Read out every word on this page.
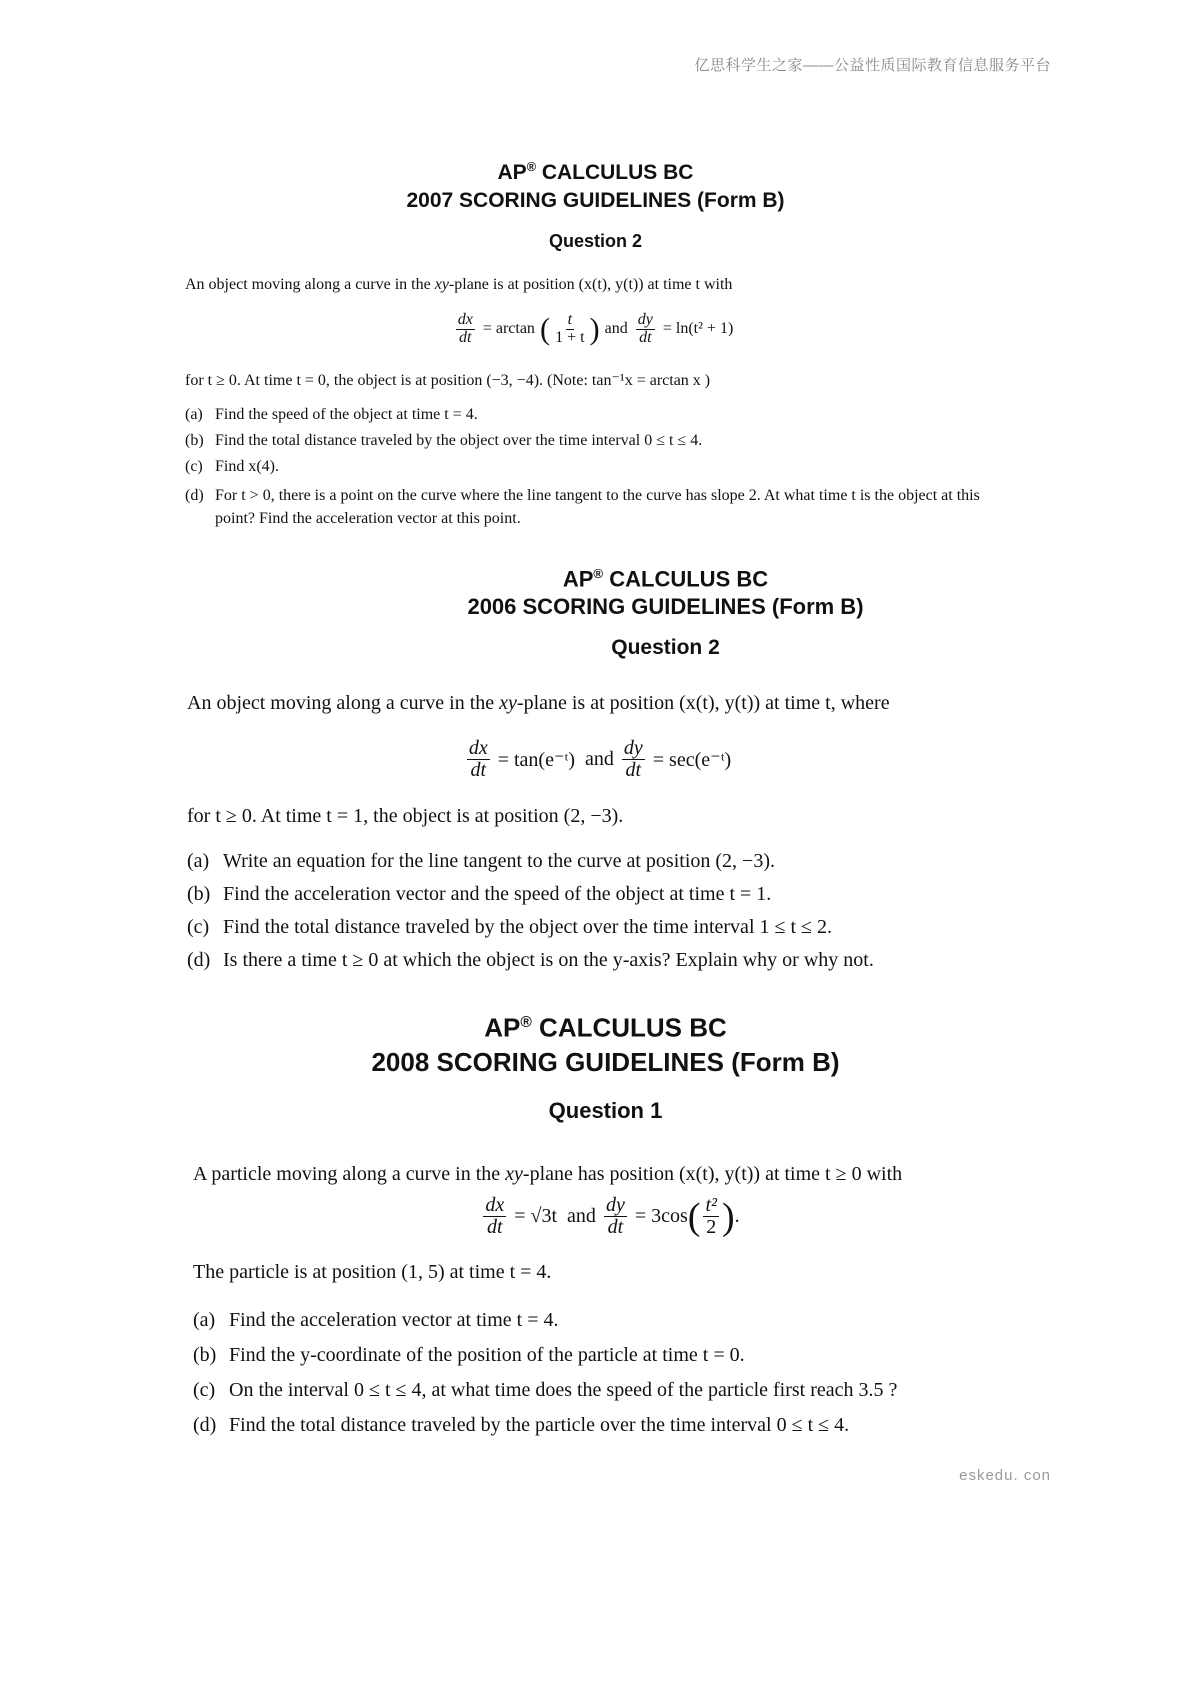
亿思科学生之家——公益性质国际教育信息服务平台
AP® CALCULUS BC
2007 SCORING GUIDELINES (Form B)
Question 2
An object moving along a curve in the xy-plane is at position (x(t), y(t)) at time t with
$\frac{dx}{dt} = \arctan$ ( $\frac{t}{1 + t}$ ) and $\frac{dy}{dt} = \ln(t^2 + 1)$
for t ≥ 0. At time t = 0, the object is at position (−3, −4). (Note: tan⁻¹x = arctan x )
(a) Find the speed of the object at time t = 4.
(b) Find the total distance traveled by the object over the time interval 0 ≤ t ≤ 4.
(c) Find x(4).
(d) For t > 0, there is a point on the curve where the line tangent to the curve has slope 2. At what time t is the object at this point? Find the acceleration vector at this point.
AP® CALCULUS BC
2006 SCORING GUIDELINES (Form B)
Question 2
An object moving along a curve in the xy-plane is at position (x(t), y(t)) at time t, where
$\frac{dx}{dt}$ = tan(e⁻ᵗ) and $\frac{dy}{dt}$ = sec(e⁻ᵗ)
for t ≥ 0. At time t = 1, the object is at position (2, −3).
(a) Write an equation for the line tangent to the curve at position (2, −3).
(b) Find the acceleration vector and the speed of the object at time t = 1.
(c) Find the total distance traveled by the object over the time interval 1 ≤ t ≤ 2.
(d) Is there a time t ≥ 0 at which the object is on the y-axis? Explain why or why not.
AP® CALCULUS BC
2008 SCORING GUIDELINES (Form B)
Question 1
A particle moving along a curve in the xy-plane has position (x(t), y(t)) at time t ≥ 0 with
$\frac{dx}{dt} = √3t$ and $\frac{dy}{dt} = 3\cos$ ( $\frac{\text{t²}}{2}$ ) .
The particle is at position (1, 5) at time t = 4.
(a) Find the acceleration vector at time t = 4.
(b) Find the y-coordinate of the position of the particle at time t = 0.
(c) On the interval 0 ≤ t ≤ 4, at what time does the speed of the particle first reach 3.5 ?
(d) Find the total distance traveled by the particle over the time interval 0 ≤ t ≤ 4.
eskedu. con
